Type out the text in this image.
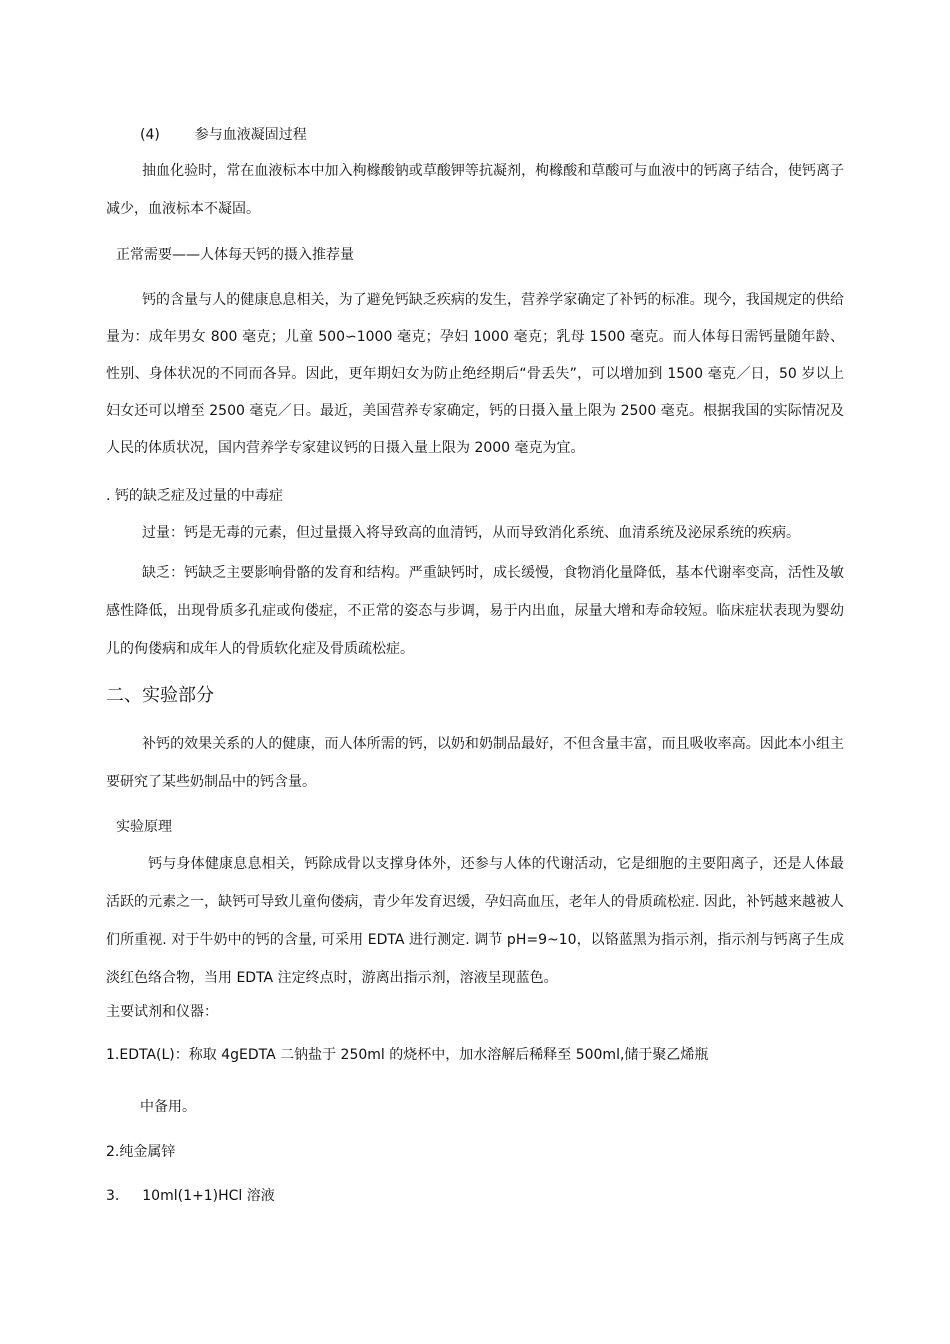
(4) 参与血液凝固过程
抽血化验时，常在血液标本中加入枸橼酸钠或草酸钾等抗凝剂，枸橼酸和草酸可与血液中的钙离子结合，使钙离子减少，血液标本不凝固。
正常需要——人体每天钙的摄入推荐量
钙的含量与人的健康息息相关，为了避免钙缺乏疾病的发生，营养学家确定了补钙的标准。现今，我国规定的供给量为：成年男女 800 毫克；儿童 500∽1000 毫克；孕妇 1000 毫克；乳母 1500 毫克。而人体每日需钙量随年龄、性别、身体状况的不同而各异。因此，更年期妇女为防止绝经期后“骨丢失”，可以增加到 1500 毫克／日，50 岁以上妇女还可以增至 2500 毫克／日。最近，美国营养专家确定，钙的日摄入量上限为 2500 毫克。根据我国的实际情况及人民的体质状况，国内营养学专家建议钙的日摄入量上限为 2000 毫克为宜。
. 钙的缺乏症及过量的中毒症
过量：钙是无毒的元素，但过量摄入将导致高的血清钙，从而导致消化系统、血清系统及泌尿系统的疾病。
缺乏：钙缺乏主要影响骨骼的发育和结构。严重缺钙时，成长缓慢，食物消化量降低，基本代谢率变高，活性及敏感性降低，出现骨质多孔症或佝偻症，不正常的姿态与步调，易于内出血，尿量大增和寿命较短。临床症状表现为婴幼儿的佝偻病和成年人的骨质软化症及骨质疏松症。
二、实验部分
补钙的效果关系的人的健康，而人体所需的钙，以奶和奶制品最好，不但含量丰富，而且吸收率高。因此本小组主要研究了某些奶制品中的钙含量。
实验原理
钙与身体健康息息相关，钙除成骨以支撑身体外，还参与人体的代谢活动，它是细胞的主要阳离子，还是人体最活跃的元素之一，缺钙可导致儿童佝偻病，青少年发育迟缓，孕妇高血压，老年人的骨质疏松症. 因此，补钙越来越被人们所重视. 对于牛奶中的钙的含量, 可采用 EDTA 进行测定. 调节 pH=9~10，以铬蓝黑为指示剂，指示剂与钙离子生成淡红色络合物，当用 EDTA 注定终点时，游离出指示剂，溶液呈现蓝色。
主要试剂和仪器：
1.EDTA(L)：称取 4gEDTA 二钠盐于 250ml 的烧杯中，加水溶解后稀释至 500ml,储于聚乙烯瓶
中备用。
2.纯金属锌
3. 10ml(1+1)HCl 溶液
